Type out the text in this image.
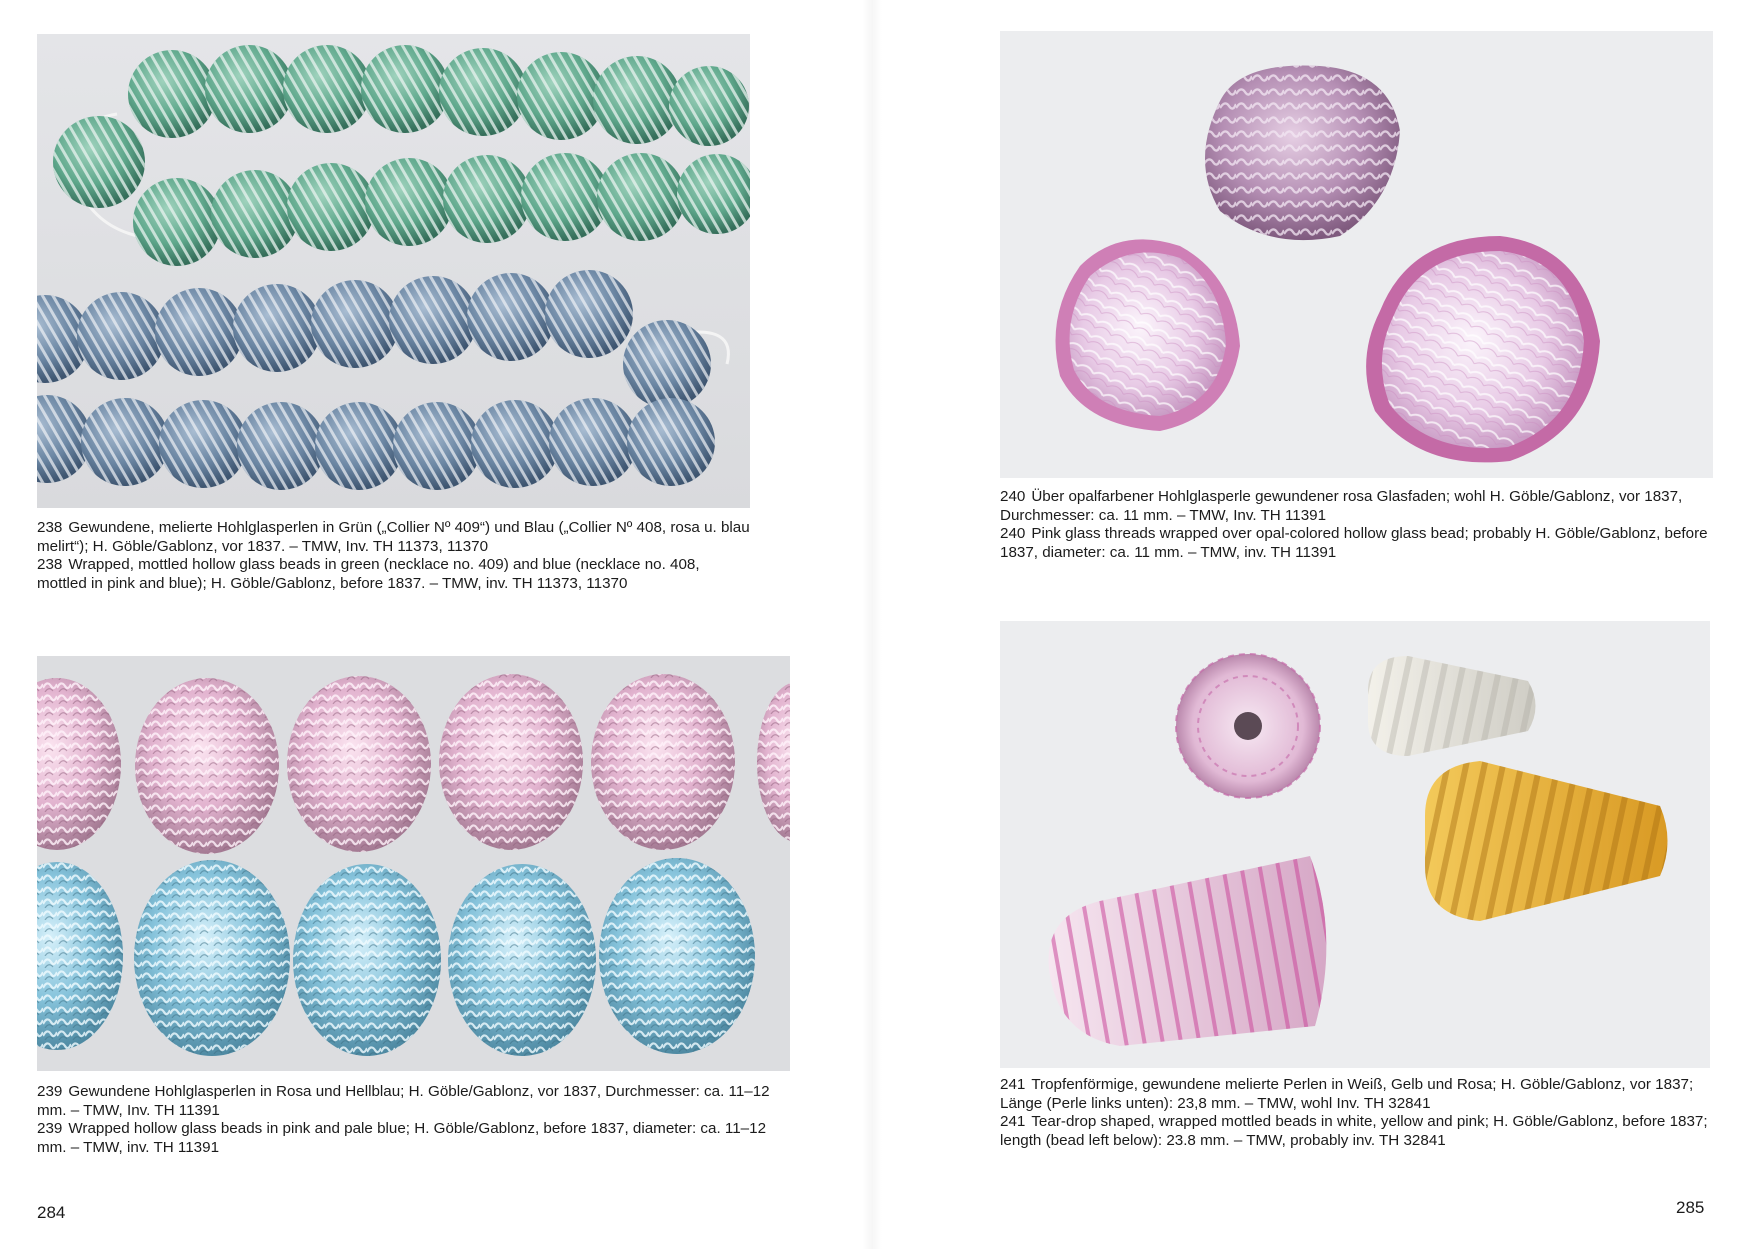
238 Gewundene, melierte Hohlglasperlen in Grün („Collier Nº 409“) und Blau („Collier Nº 408, rosa u. blau melirt“); H. Göble/Gablonz, vor 1837. – TMW, Inv. TH 11373, 11370

238 Wrapped, mottled hollow glass beads in green (necklace no. 409) and blue (necklace no. 408, mottled in pink and blue); H. Göble/Gablonz, before 1837. – TMW, inv. TH 11373, 11370

239 Gewundene Hohlglasperlen in Rosa und Hellblau; H. Göble/Gablonz, vor 1837, Durchmesser: ca. 11–12 mm. – TMW, Inv. TH 11391

239 Wrapped hollow glass beads in pink and pale blue; H. Göble/Gablonz, before 1837, diameter: ca. 11–12 mm. – TMW, inv. TH 11391

284

240 Über opalfarbener Hohlglasperle gewundener rosa Glasfaden; wohl H. Göble/Gablonz, vor 1837, Durchmesser: ca. 11 mm. – TMW, Inv. TH 11391

240 Pink glass threads wrapped over opal-colored hollow glass bead; probably H. Göble/Gablonz, before 1837, diameter: ca. 11 mm. – TMW, inv. TH 11391

241 Tropfenförmige, gewundene melierte Perlen in Weiß, Gelb und Rosa; H. Göble/Gablonz, vor 1837; Länge (Perle links unten): 23,8 mm. – TMW, wohl Inv. TH 32841

241 Tear-drop shaped, wrapped mottled beads in white, yellow and pink; H. Göble/Gablonz, before 1837; length (bead left below): 23.8 mm. – TMW, probably inv. TH 32841

285
